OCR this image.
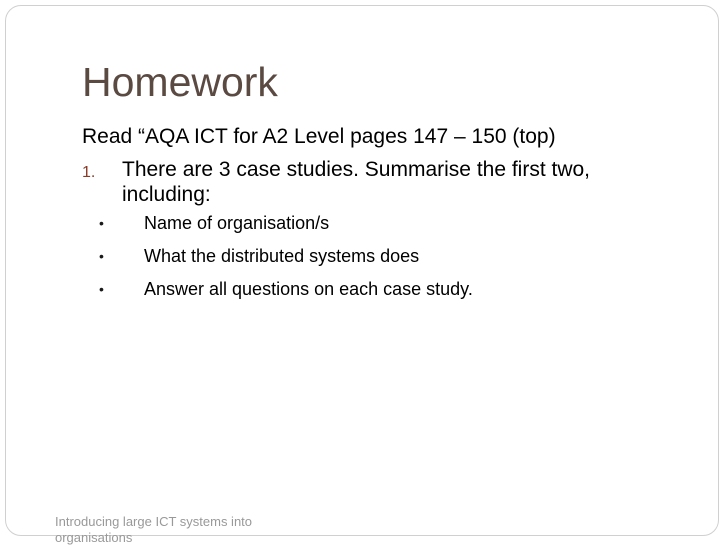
Homework

Read “AQA ICT for A2 Level pages 147 – 150 (top)

1. There are 3 case studies. Summarise the first two, including:
• Name of organisation/s
• What the distributed systems does
• Answer all questions on each case study.
Introducing large ICT systems into organisations
